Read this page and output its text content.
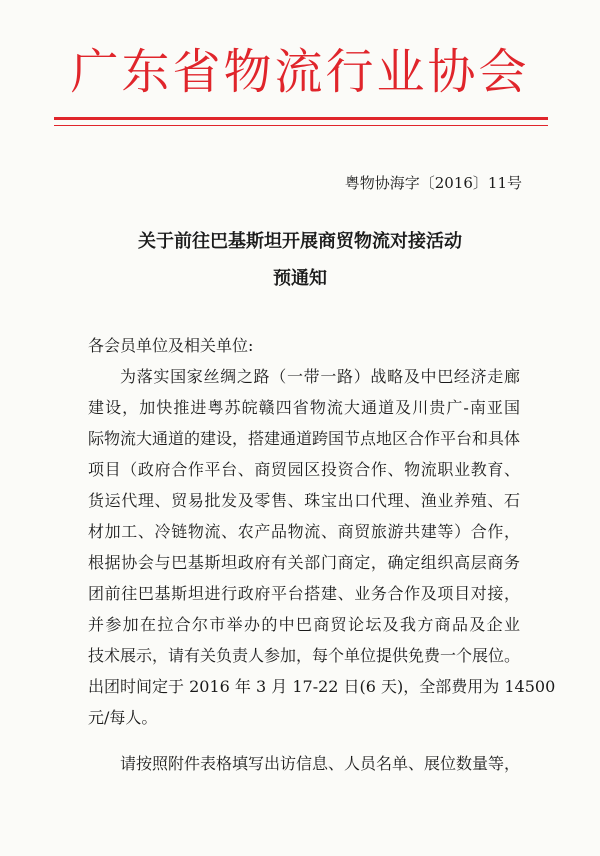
广东省物流行业协会
粤物协海字〔2016〕11号
关于前往巴基斯坦开展商贸物流对接活动
预通知
各会员单位及相关单位:
为落实国家丝绸之路（一带一路）战略及中巴经济走廊
建设，加快推进粤苏皖赣四省物流大通道及川贵广-南亚国
际物流大通道的建设，搭建通道跨国节点地区合作平台和具体
项目（政府合作平台、商贸园区投资合作、物流职业教育、
货运代理、贸易批发及零售、珠宝出口代理、渔业养殖、石
材加工、冷链物流、农产品物流、商贸旅游共建等）合作，
根据协会与巴基斯坦政府有关部门商定，确定组织高层商务
团前往巴基斯坦进行政府平台搭建、业务合作及项目对接，
并参加在拉合尔市举办的中巴商贸论坛及我方商品及企业
技术展示，请有关负责人参加，每个单位提供免费一个展位。
出团时间定于 2016 年 3 月 17-22 日(6 天)，全部费用为 14500
元/每人。
请按照附件表格填写出访信息、人员名单、展位数量等，
